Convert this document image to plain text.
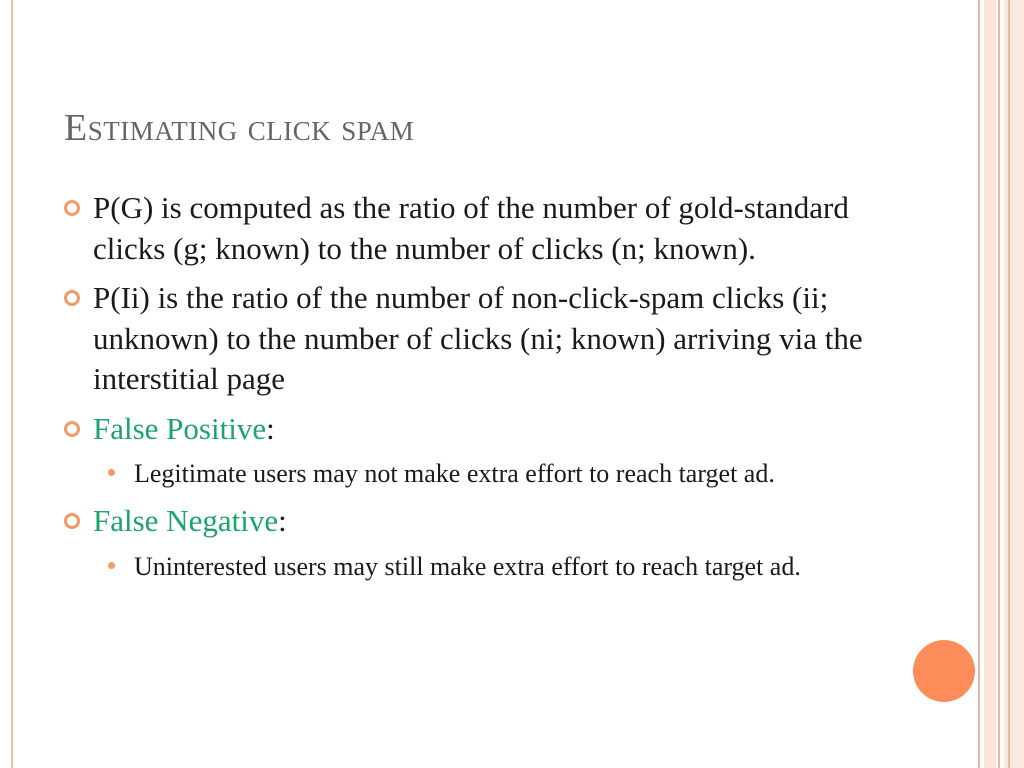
Estimating click spam
P(G) is computed as the ratio of the number of gold-standard clicks (g; known) to the number of clicks (n; known).
P(Ii) is the ratio of the number of non-click-spam clicks (ii; unknown) to the number of clicks (ni; known) arriving via the interstitial page
False Positive:
Legitimate users may not make extra effort to reach target ad.
False Negative:
Uninterested users may still make extra effort to reach target ad.
